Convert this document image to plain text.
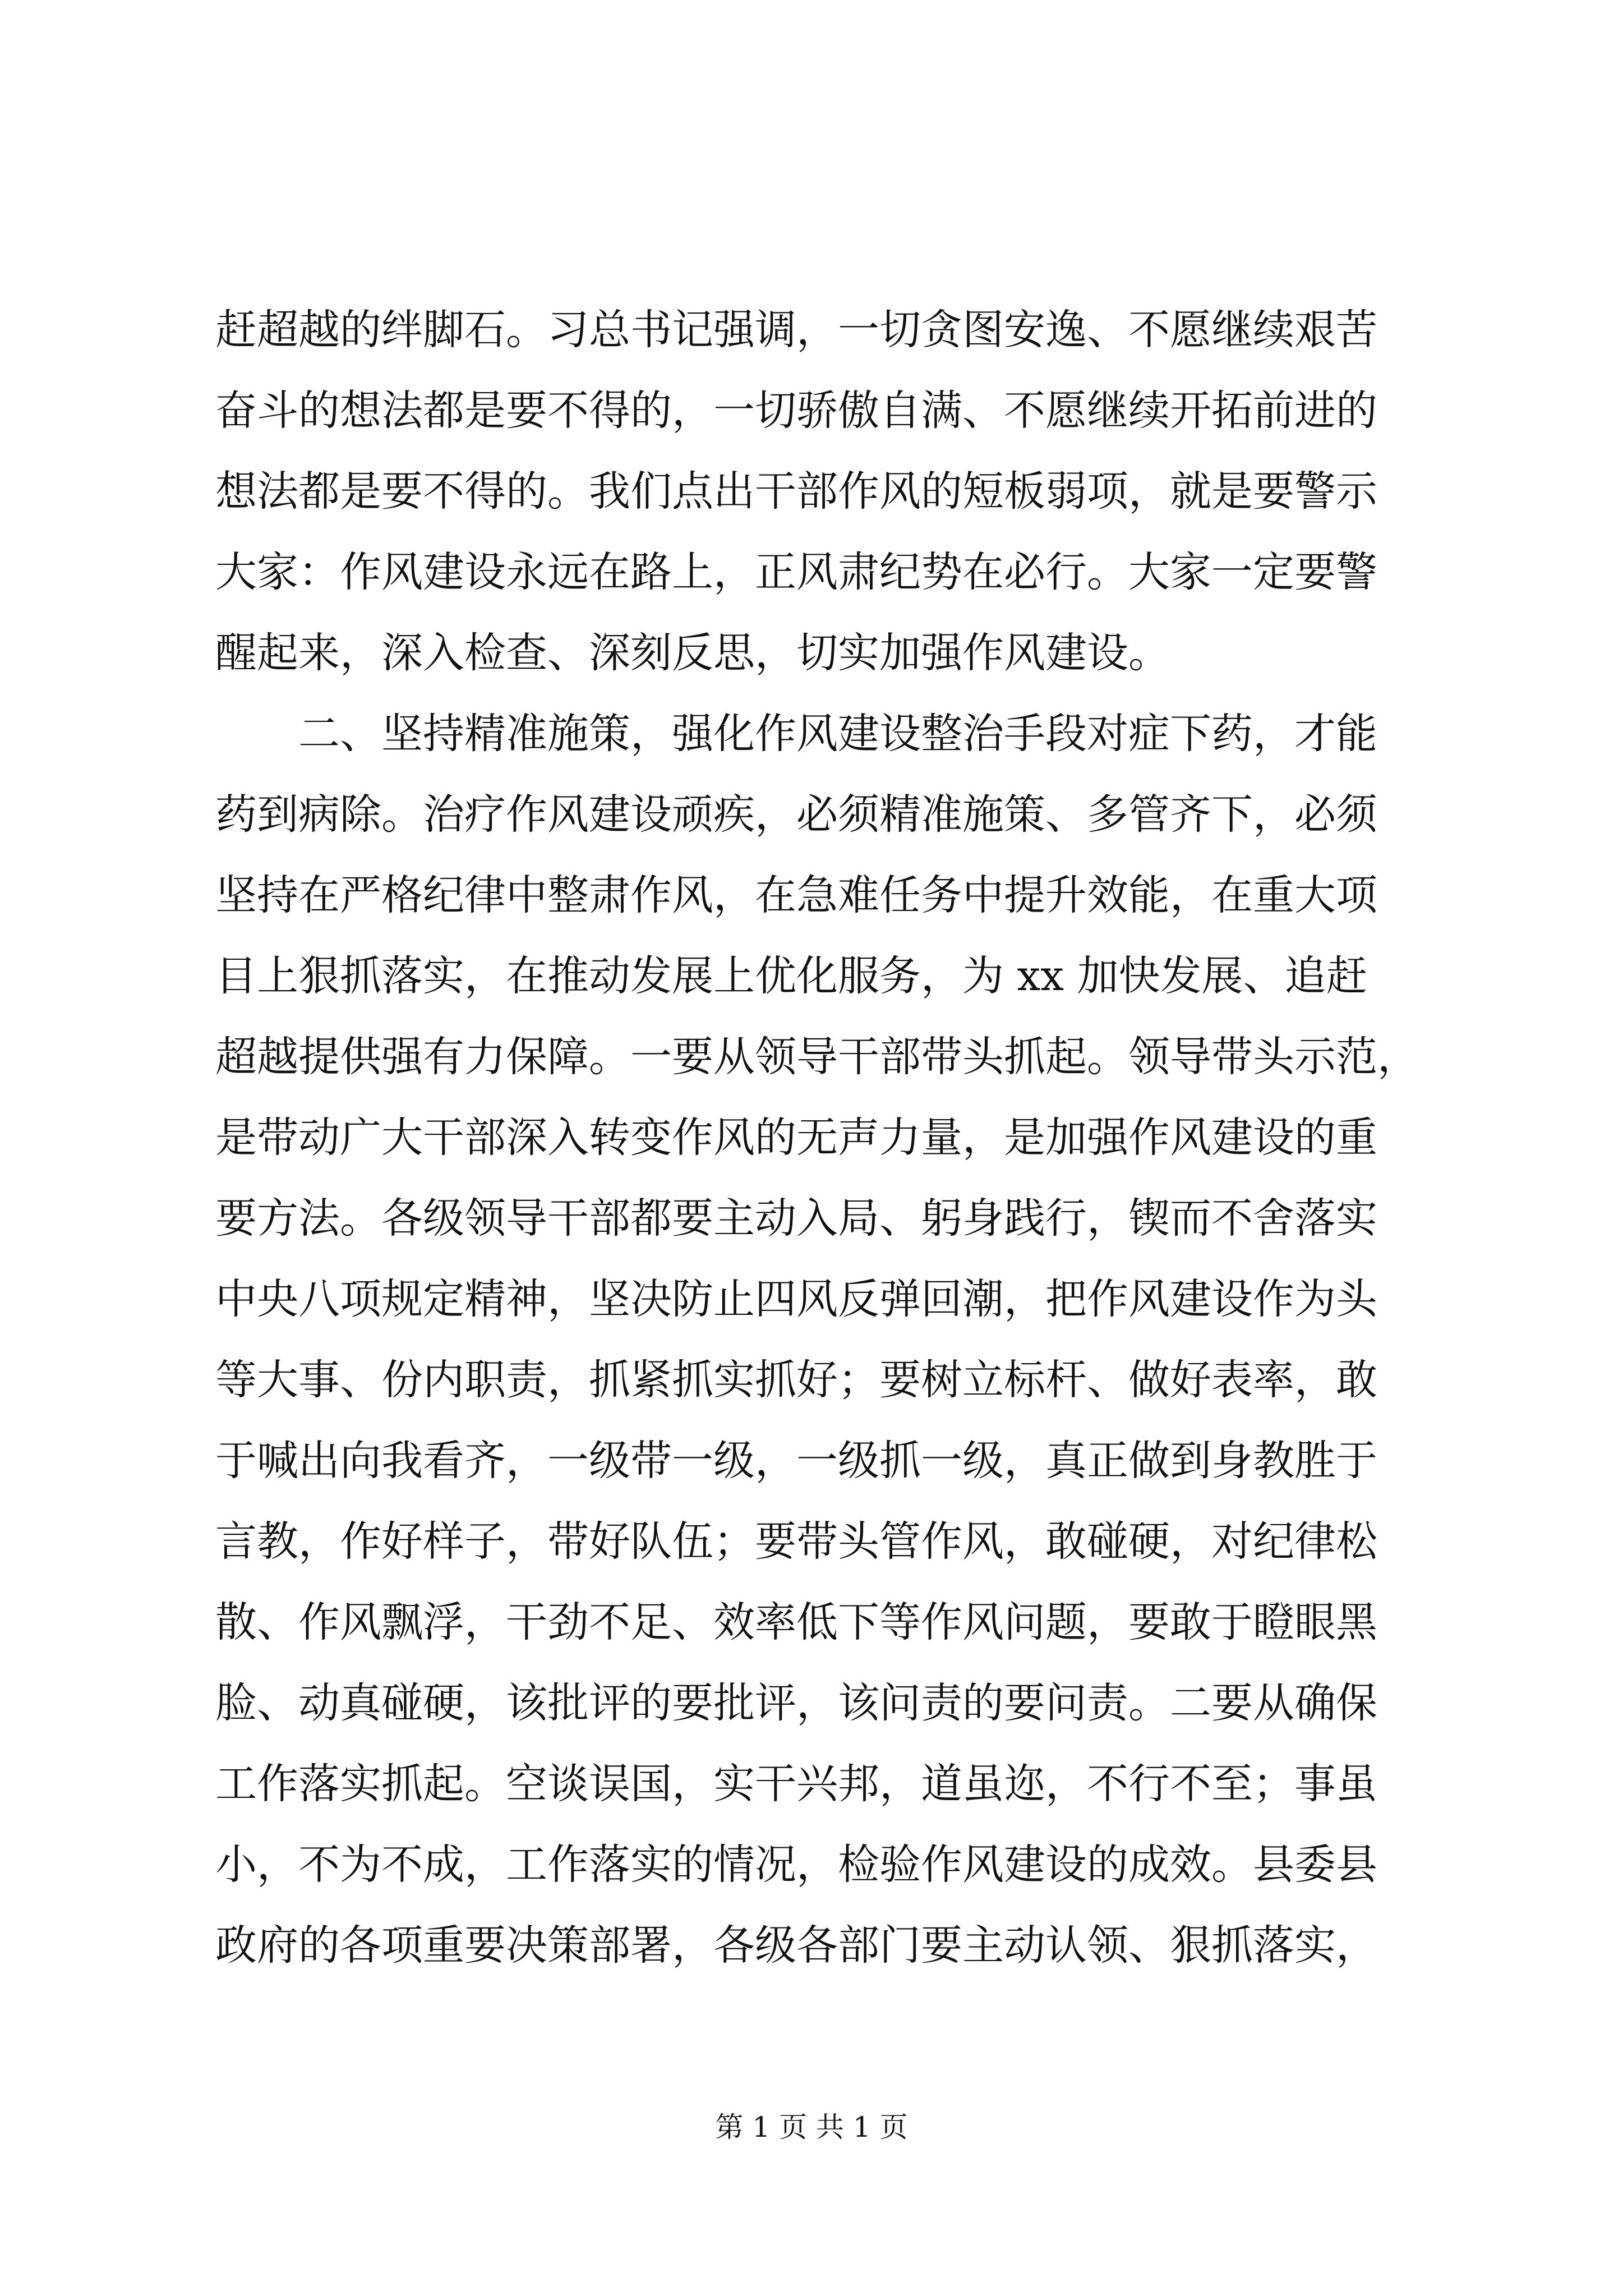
赶超越的绊脚石。习总书记强调，一切贪图安逸、不愿继续艰苦
奋斗的想法都是要不得的，一切骄傲自满、不愿继续开拓前进的
想法都是要不得的。我们点出干部作风的短板弱项，就是要警示
大家：作风建设永远在路上，正风肃纪势在必行。大家一定要警
醒起来，深入检查、深刻反思，切实加强作风建设。
　　二、坚持精准施策，强化作风建设整治手段对症下药，才能
药到病除。治疗作风建设顽疾，必须精准施策、多管齐下，必须
坚持在严格纪律中整肃作风，在急难任务中提升效能，在重大项
目上狠抓落实，在推动发展上优化服务，为 xx 加快发展、追赶
超越提供强有力保障。一要从领导干部带头抓起。领导带头示范，
是带动广大干部深入转变作风的无声力量，是加强作风建设的重
要方法。各级领导干部都要主动入局、躬身践行，锲而不舍落实
中央八项规定精神，坚决防止四风反弹回潮，把作风建设作为头
等大事、份内职责，抓紧抓实抓好；要树立标杆、做好表率，敢
于喊出向我看齐，一级带一级，一级抓一级，真正做到身教胜于
言教，作好样子，带好队伍；要带头管作风，敢碰硬，对纪律松
散、作风飘浮，干劲不足、效率低下等作风问题，要敢于瞪眼黑
脸、动真碰硬，该批评的要批评，该问责的要问责。二要从确保
工作落实抓起。空谈误国，实干兴邦，道虽迩，不行不至；事虽
小，不为不成，工作落实的情况，检验作风建设的成效。县委县
政府的各项重要决策部署，各级各部门要主动认领、狠抓落实，
第 1 页 共 1 页
